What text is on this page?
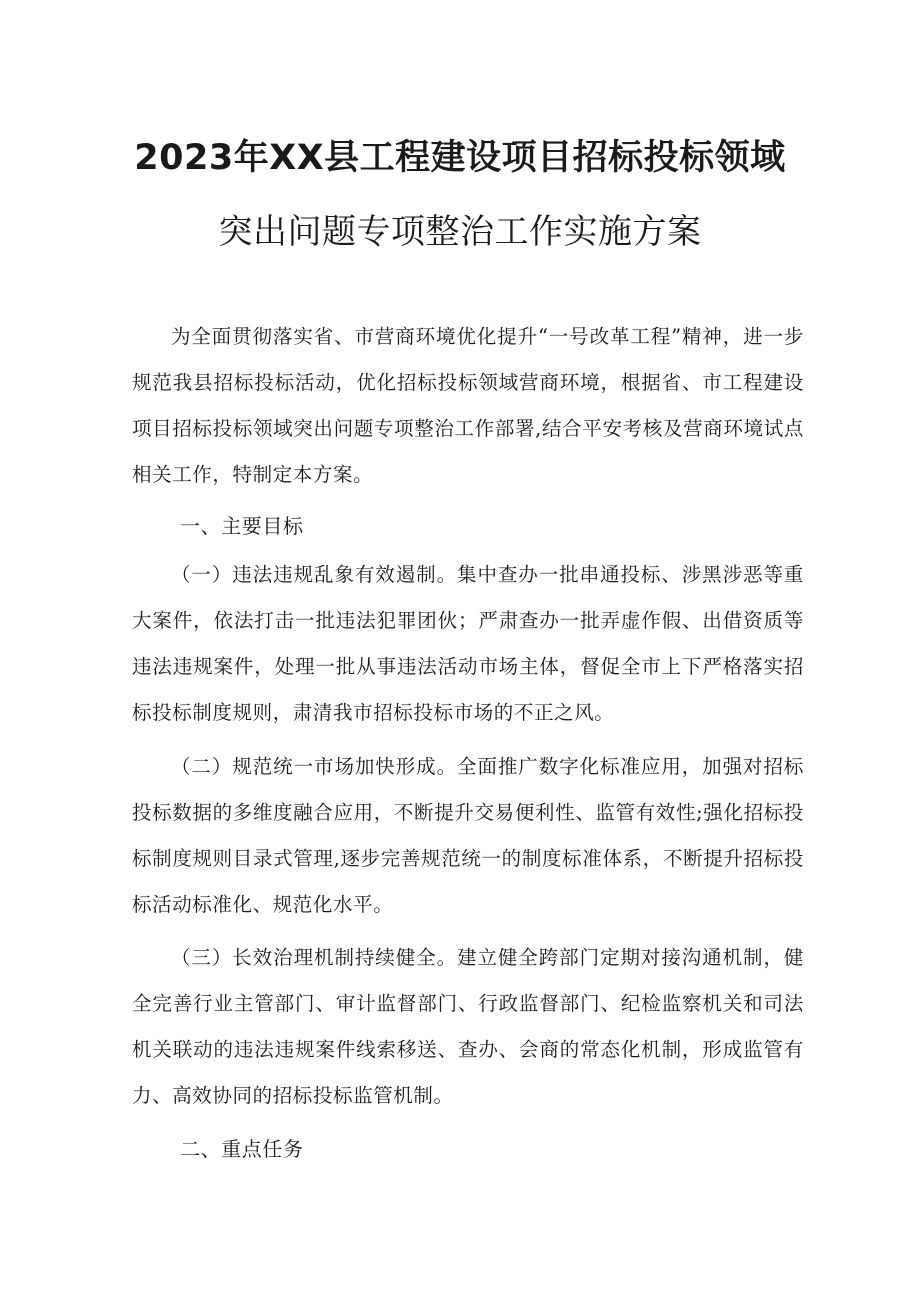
2023年XX县工程建设项目招标投标领域
突出问题专项整治工作实施方案

为全面贯彻落实省、市营商环境优化提升“一号改革工程”精神，进一步规范我县招标投标活动，优化招标投标领域营商环境，根据省、市工程建设项目招标投标领域突出问题专项整治工作部署,结合平安考核及营商环境试点相关工作，特制定本方案。

一、主要目标

（一）违法违规乱象有效遏制。集中查办一批串通投标、涉黑涉恶等重大案件，依法打击一批违法犯罪团伙；严肃查办一批弄虚作假、出借资质等违法违规案件，处理一批从事违法活动市场主体，督促全市上下严格落实招标投标制度规则，肃清我市招标投标市场的不正之风。

（二）规范统一市场加快形成。全面推广数字化标准应用，加强对招标投标数据的多维度融合应用，不断提升交易便利性、监管有效性;强化招标投标制度规则目录式管理,逐步完善规范统一的制度标准体系，不断提升招标投标活动标准化、规范化水平。

（三）长效治理机制持续健全。建立健全跨部门定期对接沟通机制，健全完善行业主管部门、审计监督部门、行政监督部门、纪检监察机关和司法机关联动的违法违规案件线索移送、查办、会商的常态化机制，形成监管有力、高效协同的招标投标监管机制。

二、重点任务
